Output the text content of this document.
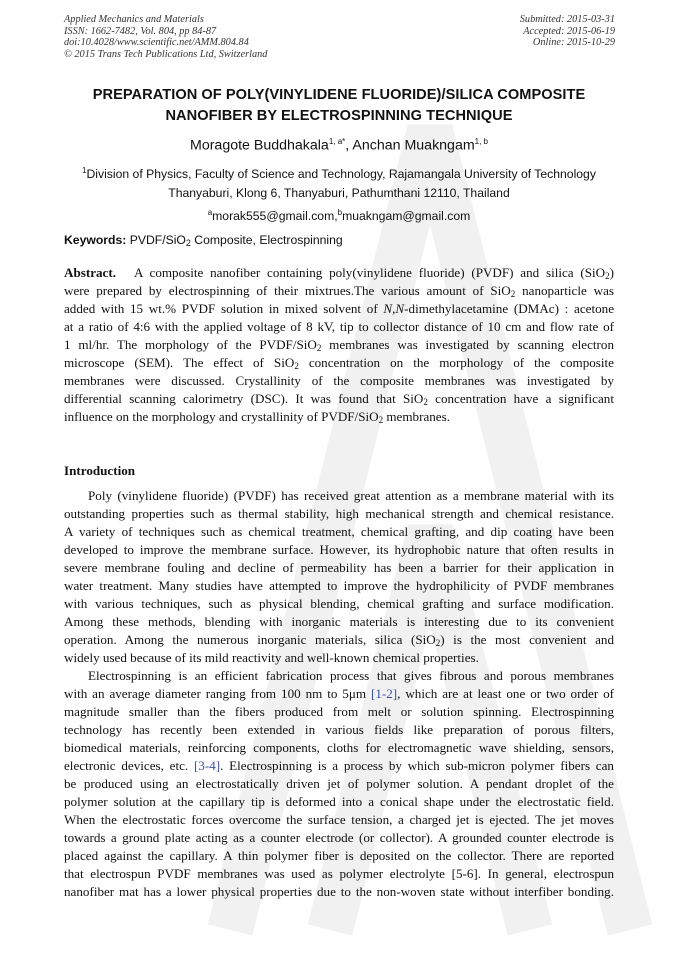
Applied Mechanics and Materials
ISSN: 1662-7482, Vol. 804, pp 84-87
doi:10.4028/www.scientific.net/AMM.804.84
© 2015 Trans Tech Publications Ltd, Switzerland
Submitted: 2015-03-31
Accepted: 2015-06-19
Online: 2015-10-29
PREPARATION OF POLY(VINYLIDENE FLUORIDE)/SILICA COMPOSITE
NANOFIBER BY ELECTROSPINNING TECHNIQUE
Moragote Buddhakala$^{1, a*}$, Anchan Muakngam$^{1, b}$
$^1$Division of Physics, Faculty of Science and Technology, Rajamangala University of Technology
Thanyaburi, Klong 6, Thanyaburi, Pathumthani 12110, Thailand
$^a$morak555@gmail.com,$^b$muakngam@gmail.com
Keywords: PVDF/SiO$_2$ Composite, Electrospinning
Abstract. A composite nanofiber containing poly(vinylidene fluoride) (PVDF) and silica (SiO$_2$)
were prepared by electrospinning of their mixtrues.The various amount of SiO$_2$ nanoparticle was
added with 15 wt.% PVDF solution in mixed solvent of N,N-dimethylacetamine (DMAc) : acetone
at a ratio of 4:6 with the applied voltage of 8 kV, tip to collector distance of 10 cm and flow rate of
1 ml/hr. The morphology of the PVDF/SiO$_2$ membranes was investigated by scanning electron
microscope (SEM). The effect of SiO$_2$ concentration on the morphology of the composite
membranes were discussed. Crystallinity of the composite membranes was investigated by
differential scanning calorimetry (DSC). It was found that SiO$_2$ concentration have a significant
influence on the morphology and crystallinity of PVDF/SiO$_2$ membranes.
Introduction
Poly (vinylidene fluoride) (PVDF) has received great attention as a membrane material with its
outstanding properties such as thermal stability, high mechanical strength and chemical resistance.
A variety of techniques such as chemical treatment, chemical grafting, and dip coating have been
developed to improve the membrane surface. However, its hydrophobic nature that often results in
severe membrane fouling and decline of permeability has been a barrier for their application in
water treatment. Many studies have attempted to improve the hydrophilicity of PVDF membranes
with various techniques, such as physical blending, chemical grafting and surface modification.
Among these methods, blending with inorganic materials is interesting due to its convenient
operation. Among the numerous inorganic materials, silica (SiO$_2$) is the most convenient and
widely used because of its mild reactivity and well-known chemical properties.
Electrospinning is an efficient fabrication process that gives fibrous and porous membranes
with an average diameter ranging from 100 nm to 5μm [1-2], which are at least one or two order of
magnitude smaller than the fibers produced from melt or solution spinning. Electrospinning
technology has recently been extended in various fields like preparation of porous filters,
biomedical materials, reinforcing components, cloths for electromagnetic wave shielding, sensors,
electronic devices, etc. [3-4]. Electrospinning is a process by which sub-micron polymer fibers can
be produced using an electrostatically driven jet of polymer solution. A pendant droplet of the
polymer solution at the capillary tip is deformed into a conical shape under the electrostatic field.
When the electrostatic forces overcome the surface tension, a charged jet is ejected. The jet moves
towards a ground plate acting as a counter electrode (or collector). A grounded counter electrode is
placed against the capillary. A thin polymer fiber is deposited on the collector. There are reported
that electrospun PVDF membranes was used as polymer electrolyte [5-6]. In general, electrospun
nanofiber mat has a lower physical properties due to the non-woven state without interfiber bonding.
